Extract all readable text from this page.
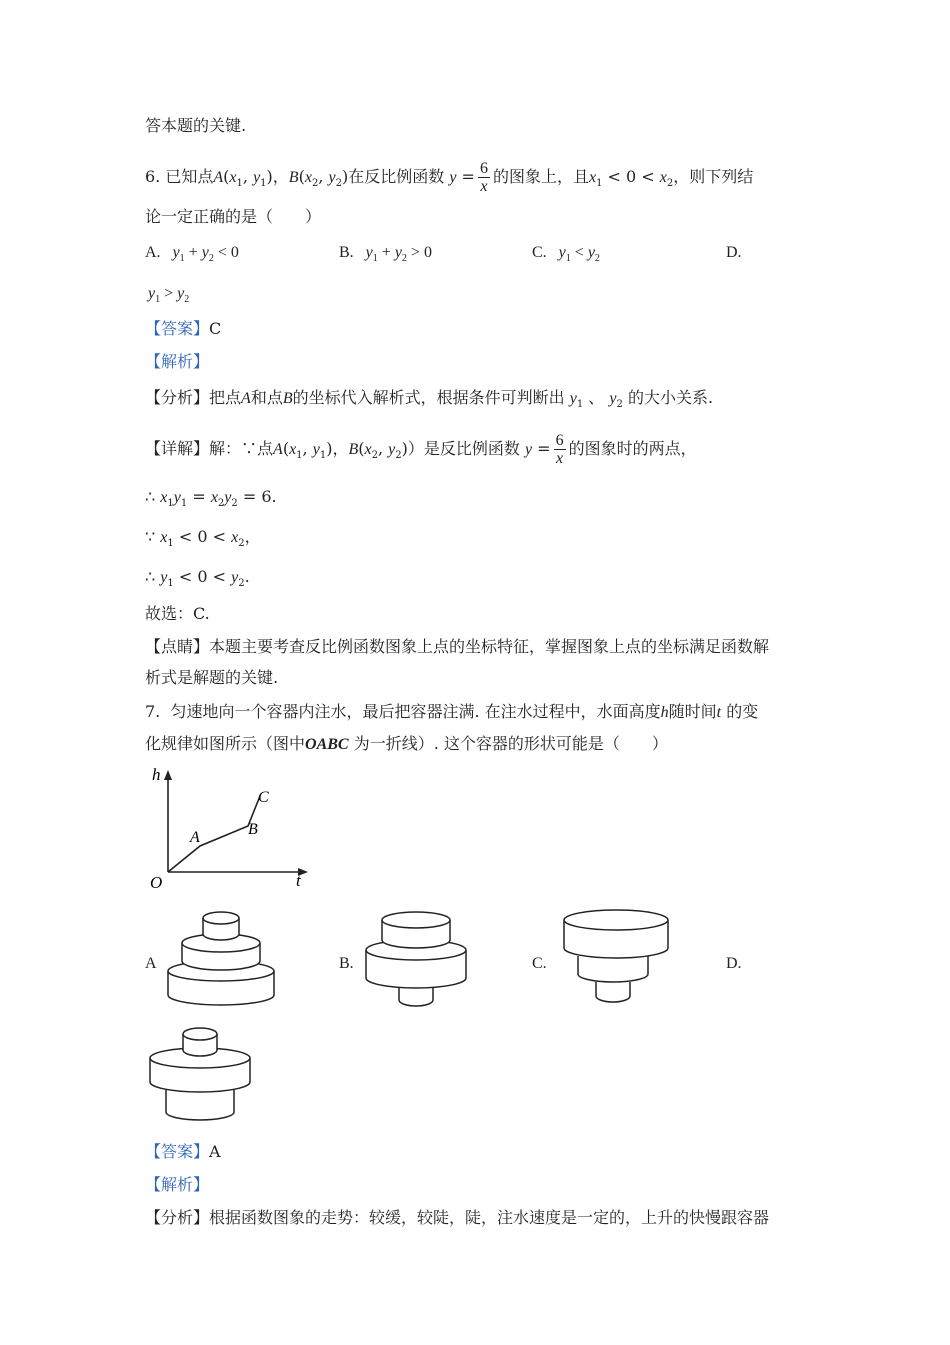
答本题的关键.
6. 已知点$A(x_1$, $y_1$)，$B(x_2$, $y_2$)在反比例函数 $y = \frac{6}{x}$ 的图象上，且$x_1 < 0 < x_2$，则下列结
论一定正确的是（　　）
A. $y_1 + y_2 < 0$	B. $y_1 + y_2 > 0$	C. $y_1 < y_2$	D.
$y_1 > y_2$
【答案】C
【解析】
【分析】把点A和点B的坐标代入解析式，根据条件可判断出 $y_1$ 、 $y_2$ 的大小关系.
【详解】解：∵点$A(x_1$, $y_1$)，$B(x_2$, $y_2$)）是反比例函数 $y = \frac{6}{x}$ 的图象时的两点，
∴ $x_1y_1 = x_2y_2 = 6$.
∵ $x_1 < 0 < x_2$，
∴ $y_1 < 0 < y_2$.
故选：C.
【点睛】本题主要考查反比例函数图象上点的坐标特征，掌握图象上点的坐标满足函数解
析式是解题的关键.
7. 匀速地向一个容器内注水，最后把容器注满. 在注水过程中，水面高度h随时间t 的变
化规律如图所示（图中OABC 为一折线）. 这个容器的形状可能是（　　）
h
t
O
A	B
C
A	B.	C.	D.
【答案】A
【解析】
【分析】根据函数图象的走势：较缓，较陡，陡，注水速度是一定的，上升的快慢跟容器
